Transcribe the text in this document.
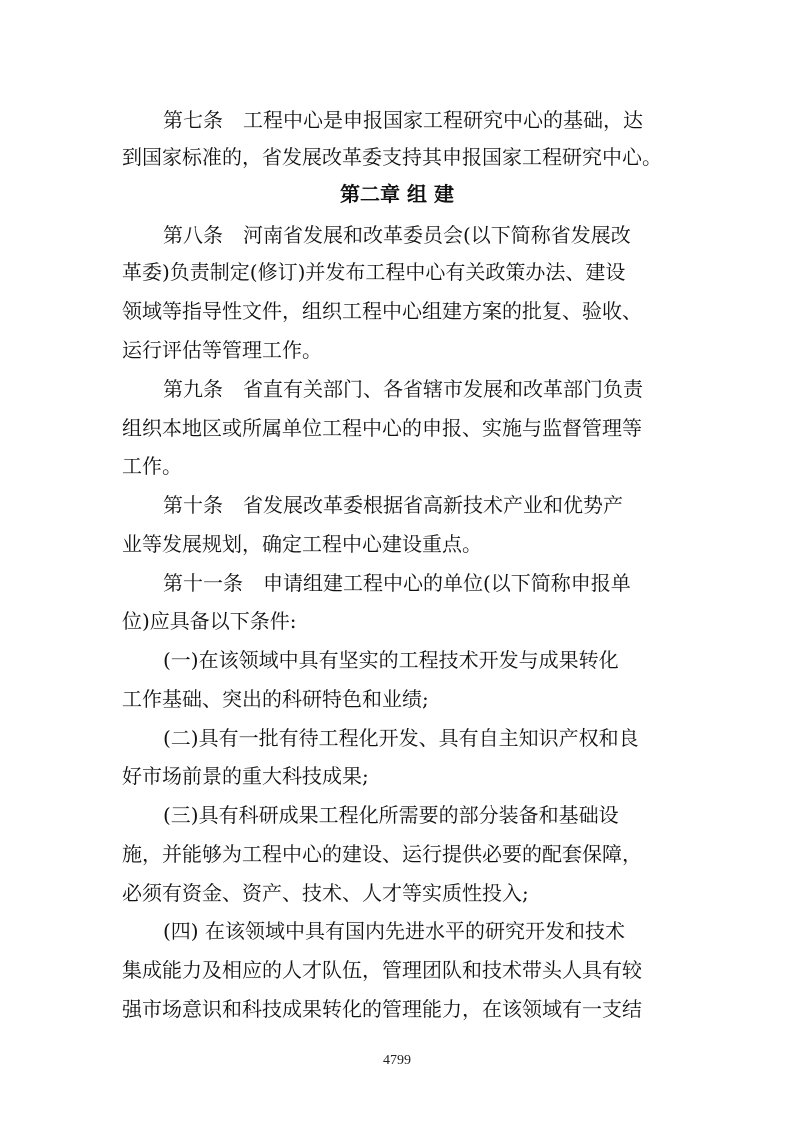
第七条　工程中心是申报国家工程研究中心的基础，达

到国家标准的，省发展改革委支持其申报国家工程研究中心。

第二章 组 建

第八条　河南省发展和改革委员会(以下简称省发展改

革委)负责制定(修订)并发布工程中心有关政策办法、建设

领域等指导性文件，组织工程中心组建方案的批复、验收、

运行评估等管理工作。

第九条　省直有关部门、各省辖市发展和改革部门负责

组织本地区或所属单位工程中心的申报、实施与监督管理等

工作。

第十条　省发展改革委根据省高新技术产业和优势产

业等发展规划，确定工程中心建设重点。

第十一条　申请组建工程中心的单位(以下简称申报单

位)应具备以下条件:

(一)在该领域中具有坚实的工程技术开发与成果转化

工作基础、突出的科研特色和业绩;

(二)具有一批有待工程化开发、具有自主知识产权和良

好市场前景的重大科技成果;

(三)具有科研成果工程化所需要的部分装备和基础设

施，并能够为工程中心的建设、运行提供必要的配套保障，

必须有资金、资产、技术、人才等实质性投入;

(四) 在该领域中具有国内先进水平的研究开发和技术

集成能力及相应的人才队伍，管理团队和技术带头人具有较

强市场意识和科技成果转化的管理能力，在该领域有一支结

4799
